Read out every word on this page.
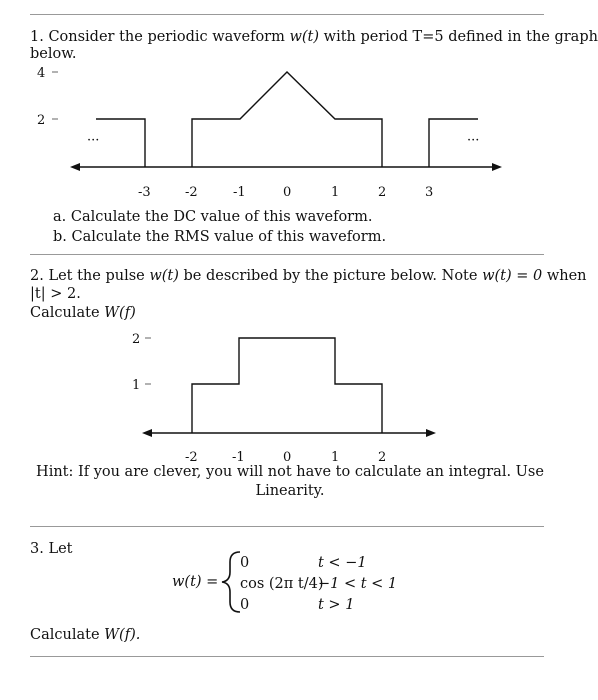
1. Consider the periodic waveform w(t) with period T=5 defined in the graph
below.
4
2
···	···
-3	-2	-1	0	1	2	3
a. Calculate the DC value of this waveform.
b. Calculate the RMS value of this waveform.
2. Let the pulse w(t) be described by the picture below. Note w(t) = 0 when
|t| > 2.
Calculate W(f)
2
1
-2	-1	0	1	2
Hint: If you are clever, you will not have to calculate an integral. Use
Linearity.
3. Let
w(t) =
0	t < −1
cos (2π t/4)
−1 < t < 1
0	t > 1
Calculate W(f).
